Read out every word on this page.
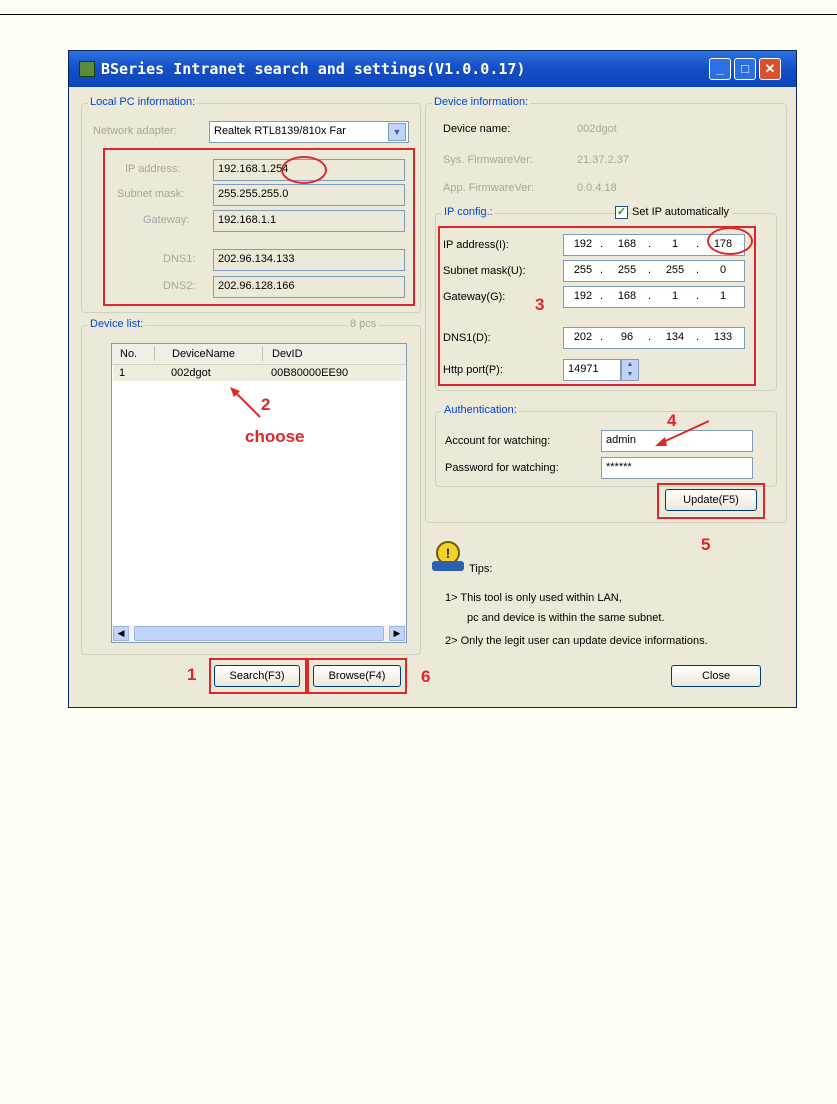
BSeries Intranet search and settings(V1.0.0.17)	_	□	✕
Local PC information:
Network adapter:	Realtek RTL8139/810x Far	▼
IP address:	192.168.1.254
Subnet mask:	255.255.255.0
Gateway:	192.168.1.1
DNS1:	202.96.134.133
DNS2:	202.96.128.166
Device list:	8 pcs
No.	DeviceName	DevID
1	002dgot	00B80000EE90
◀	▶
Device information:
Device name:	002dgot
Sys. FirmwareVer:	21.37.2.37
App. FirmwareVer:	0.0.4.18
IP config.:	✓ Set IP automatically
IP address(I):	192 .	168	.	1	.	178
Subnet mask(U):	255 .	255	.	255	.	0
Gateway(G):	192 .	168	.	1	.	1
DNS1(D):	202 .	96	.	134	.	133
Http port(P):	14971	▲
▼
Authentication:
Account for watching:	admin
Password for watching:	******
Update(F5)
!
Tips:
1> This tool is only used within LAN,
pc and device is within the same subnet.
2> Only the legit user can update device informations.
Search(F3)	Browse(F4)	Close
2
choose
3
4
5
1	6
